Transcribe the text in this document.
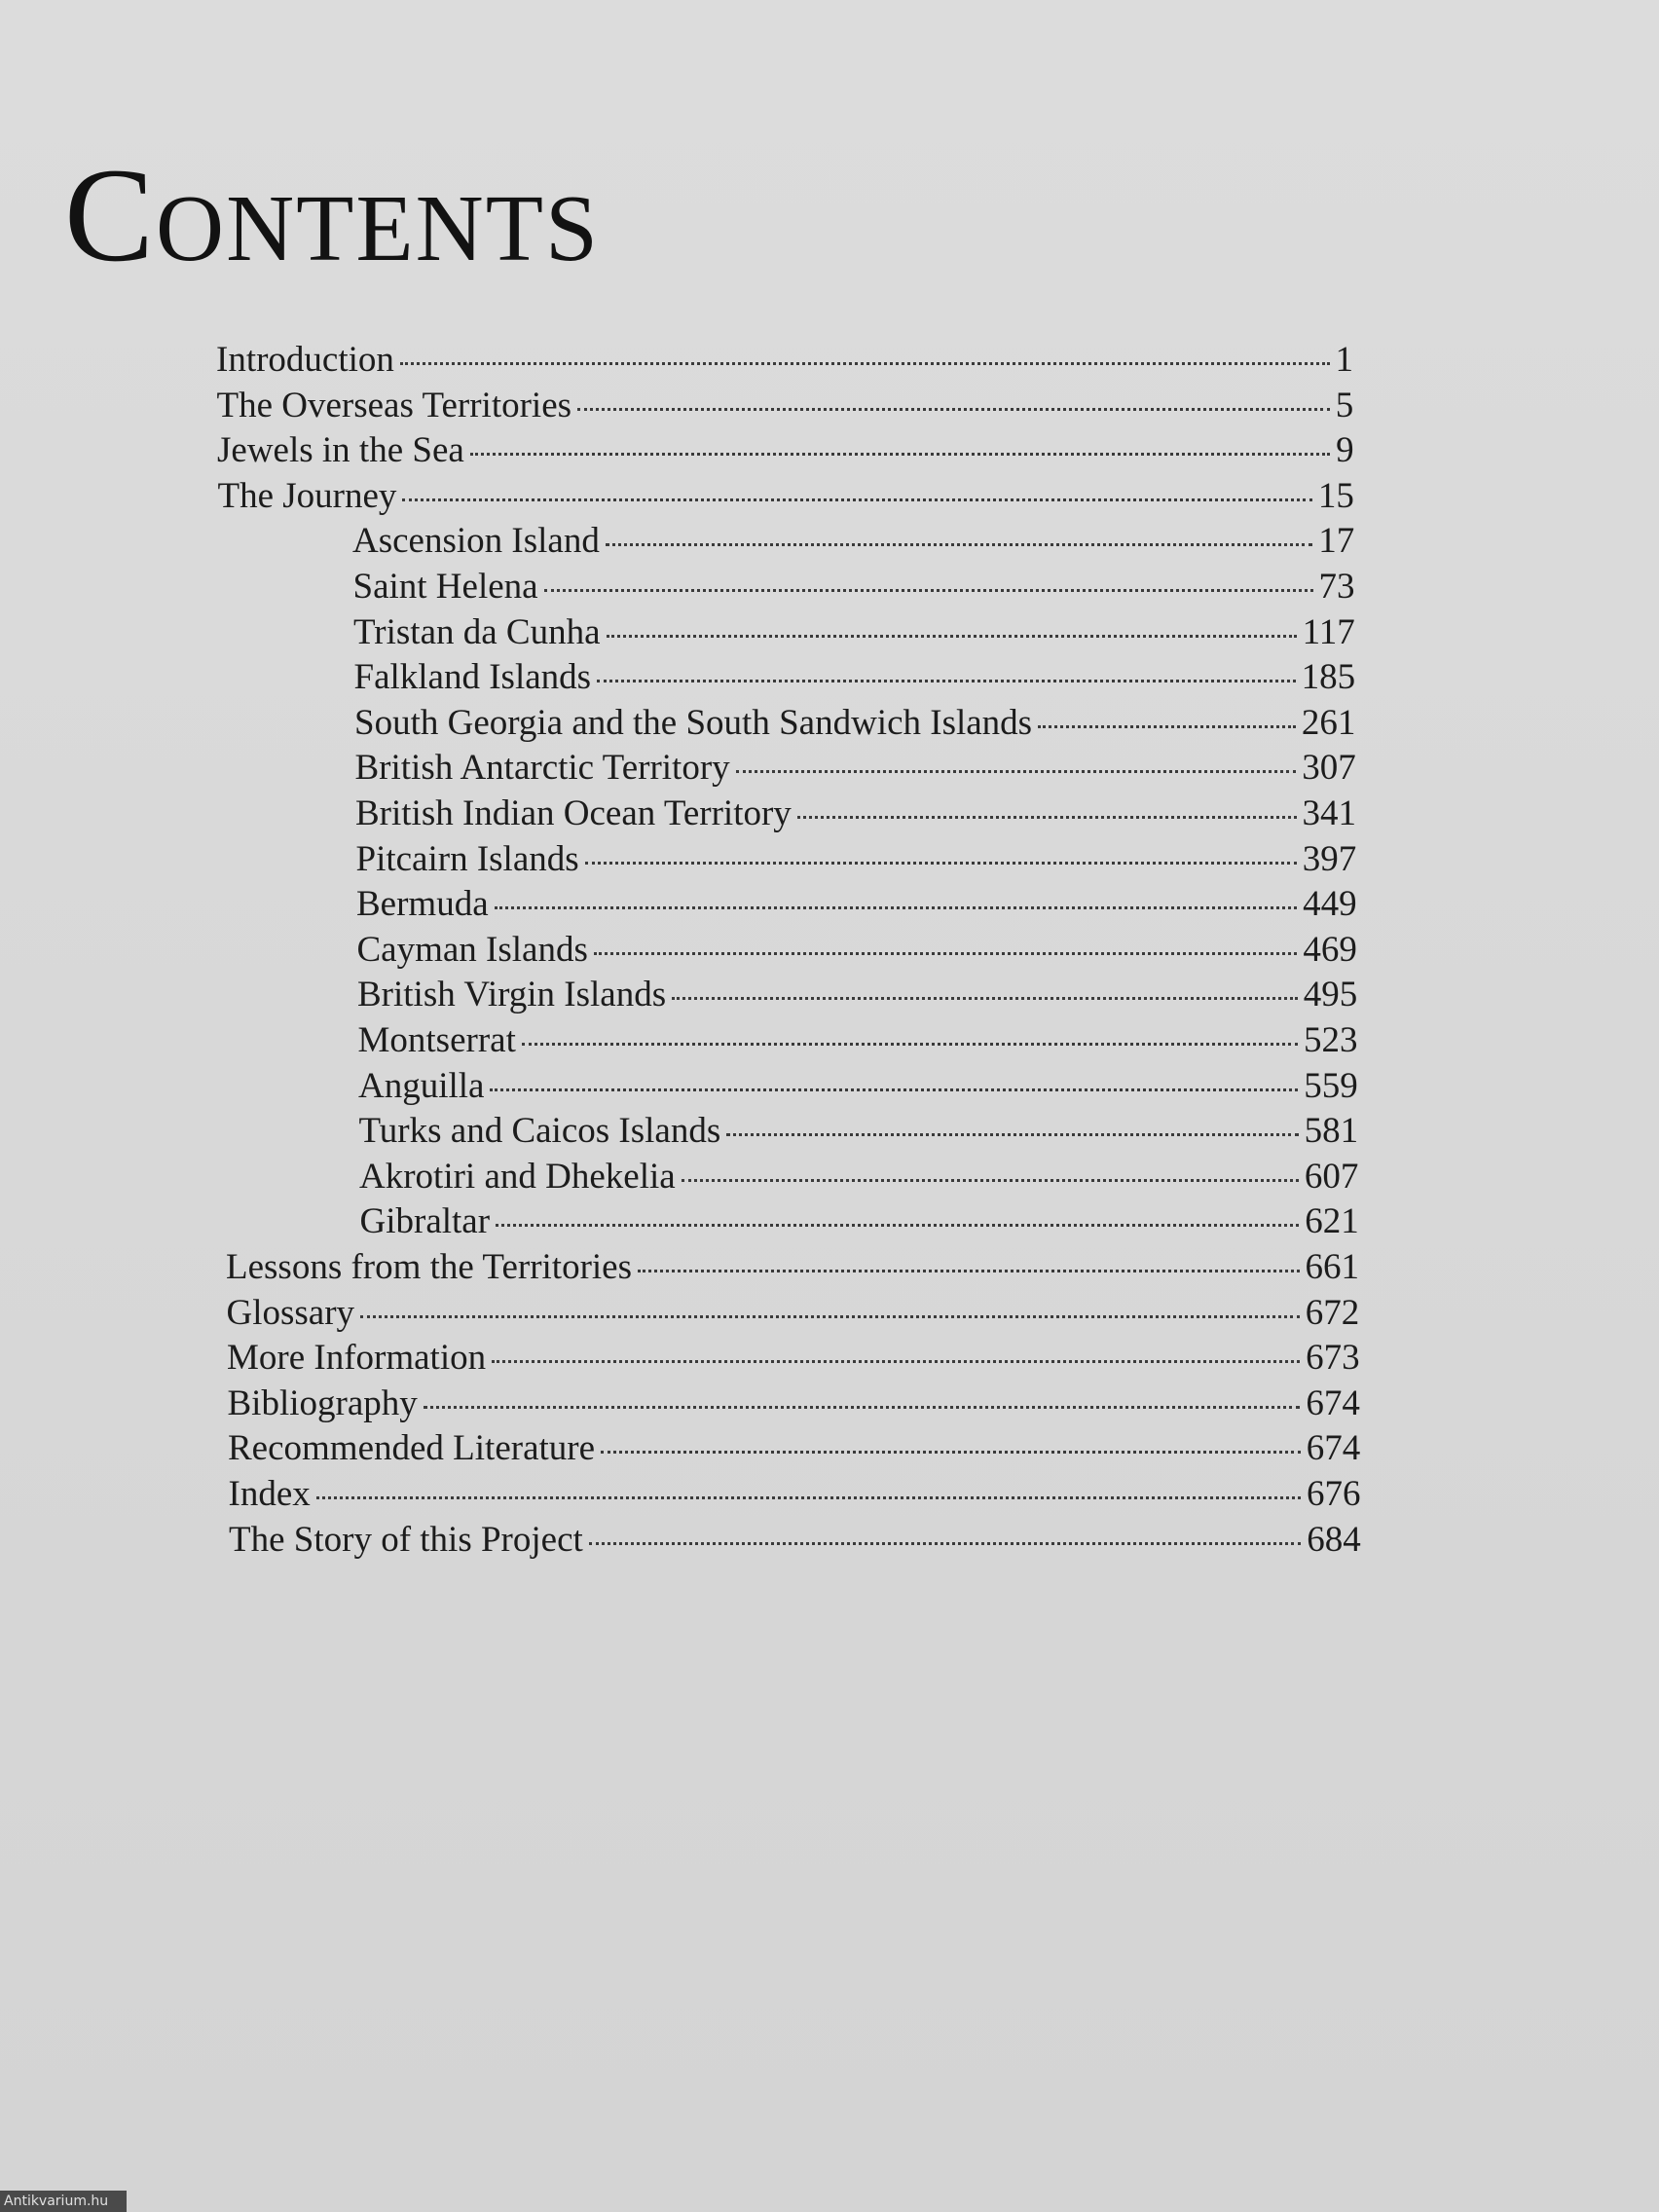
Contents
Introduction	1
The Overseas Territories	5
Jewels in the Sea	9
The Journey	15
Ascension Island	17
Saint Helena	73
Tristan da Cunha	117
Falkland Islands	185
South Georgia and the South Sandwich Islands	261
British Antarctic Territory	307
British Indian Ocean Territory	341
Pitcairn Islands	397
Bermuda	449
Cayman Islands	469
British Virgin Islands	495
Montserrat	523
Anguilla	559
Turks and Caicos Islands	581
Akrotiri and Dhekelia	607
Gibraltar	621
Lessons from the Territories	661
Glossary	672
More Information	673
Bibliography	674
Recommended Literature	674
Index	676
The Story of this Project	684
Antikvarium.hu
